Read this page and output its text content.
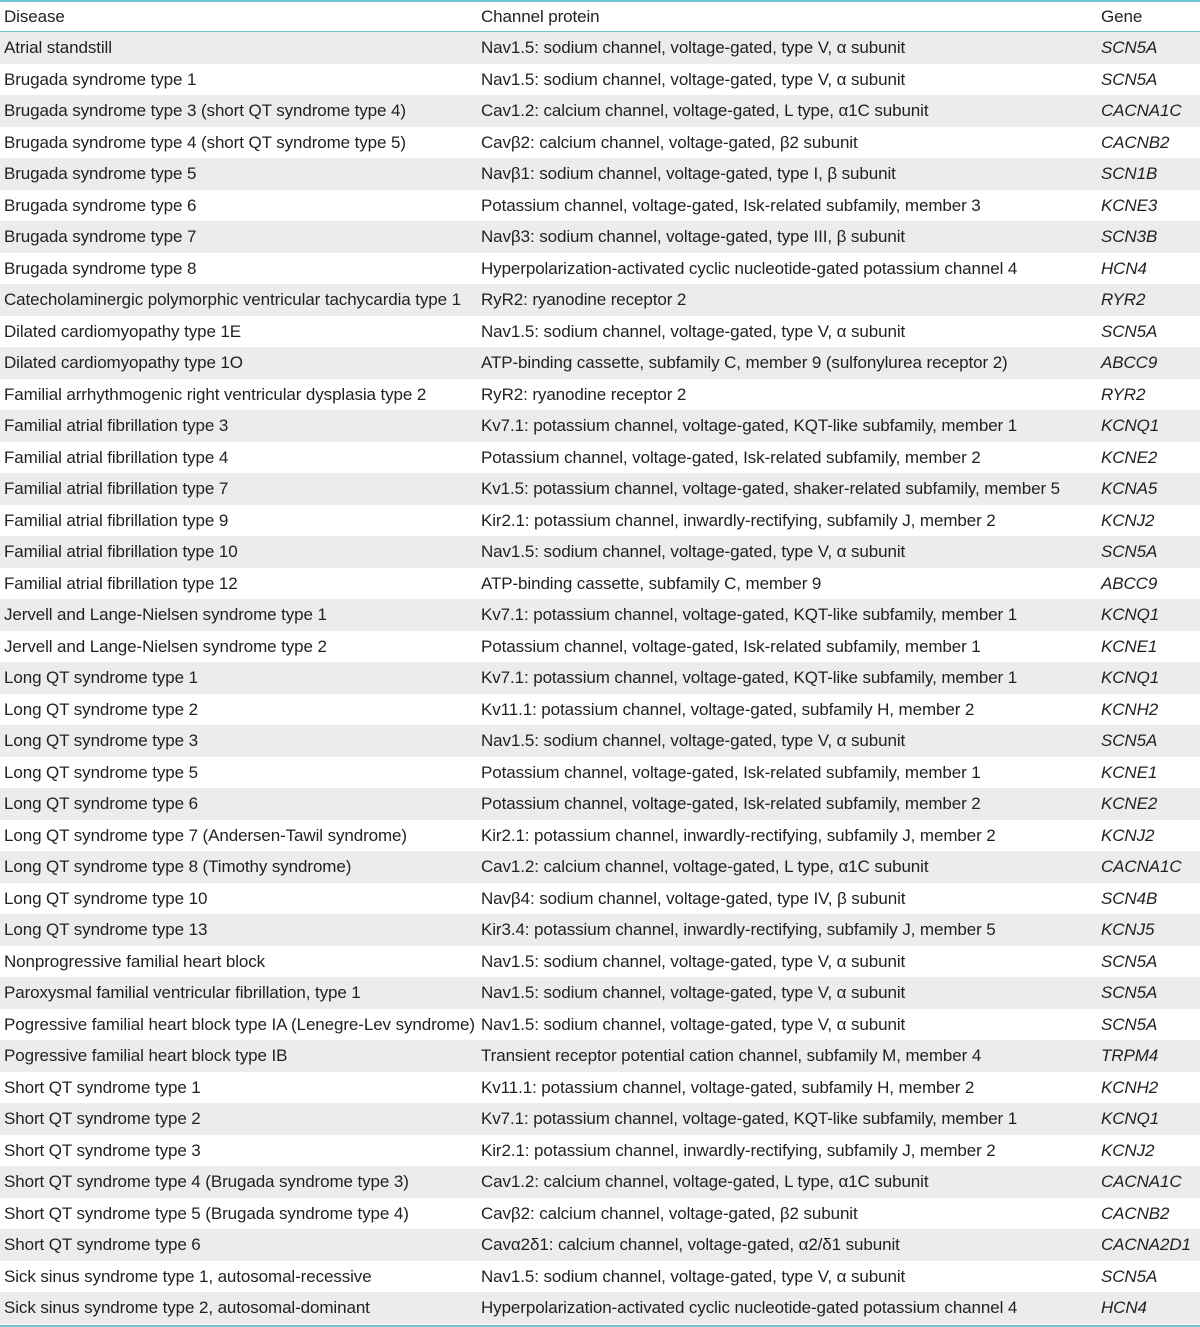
Disease	Channel protein	Gene
Atrial standstill	Nav1.5: sodium channel, voltage-gated, type V, α subunit	SCN5A
Brugada syndrome type 1	Nav1.5: sodium channel, voltage-gated, type V, α subunit	SCN5A
Brugada syndrome type 3 (short QT syndrome type 4)	Cav1.2: calcium channel, voltage-gated, L type, α1C subunit	CACNA1C
Brugada syndrome type 4 (short QT syndrome type 5)	Cavβ2: calcium channel, voltage-gated, β2 subunit	CACNB2
Brugada syndrome type 5	Navβ1: sodium channel, voltage-gated, type I, β subunit	SCN1B
Brugada syndrome type 6	Potassium channel, voltage-gated, Isk-related subfamily, member 3	KCNE3
Brugada syndrome type 7	Navβ3: sodium channel, voltage-gated, type III, β subunit	SCN3B
Brugada syndrome type 8	Hyperpolarization-activated cyclic nucleotide-gated potassium channel 4	HCN4
Catecholaminergic polymorphic ventricular tachycardia type 1	RyR2: ryanodine receptor 2	RYR2
Dilated cardiomyopathy type 1E	Nav1.5: sodium channel, voltage-gated, type V, α subunit	SCN5A
Dilated cardiomyopathy type 1O	ATP-binding cassette, subfamily C, member 9 (sulfonylurea receptor 2)	ABCC9
Familial arrhythmogenic right ventricular dysplasia type 2	RyR2: ryanodine receptor 2	RYR2
Familial atrial fibrillation type 3	Kv7.1: potassium channel, voltage-gated, KQT-like subfamily, member 1	KCNQ1
Familial atrial fibrillation type 4	Potassium channel, voltage-gated, Isk-related subfamily, member 2	KCNE2
Familial atrial fibrillation type 7	Kv1.5: potassium channel, voltage-gated, shaker-related subfamily, member 5	KCNA5
Familial atrial fibrillation type 9	Kir2.1: potassium channel, inwardly-rectifying, subfamily J, member 2	KCNJ2
Familial atrial fibrillation type 10	Nav1.5: sodium channel, voltage-gated, type V, α subunit	SCN5A
Familial atrial fibrillation type 12	ATP-binding cassette, subfamily C, member 9	ABCC9
Jervell and Lange-Nielsen syndrome type 1	Kv7.1: potassium channel, voltage-gated, KQT-like subfamily, member 1	KCNQ1
Jervell and Lange-Nielsen syndrome type 2	Potassium channel, voltage-gated, Isk-related subfamily, member 1	KCNE1
Long QT syndrome type 1	Kv7.1: potassium channel, voltage-gated, KQT-like subfamily, member 1	KCNQ1
Long QT syndrome type 2	Kv11.1: potassium channel, voltage-gated, subfamily H, member 2	KCNH2
Long QT syndrome type 3	Nav1.5: sodium channel, voltage-gated, type V, α subunit	SCN5A
Long QT syndrome type 5	Potassium channel, voltage-gated, Isk-related subfamily, member 1	KCNE1
Long QT syndrome type 6	Potassium channel, voltage-gated, Isk-related subfamily, member 2	KCNE2
Long QT syndrome type 7 (Andersen-Tawil syndrome)	Kir2.1: potassium channel, inwardly-rectifying, subfamily J, member 2	KCNJ2
Long QT syndrome type 8 (Timothy syndrome)	Cav1.2: calcium channel, voltage-gated, L type, α1C subunit	CACNA1C
Long QT syndrome type 10	Navβ4: sodium channel, voltage-gated, type IV, β subunit	SCN4B
Long QT syndrome type 13	Kir3.4: potassium channel, inwardly-rectifying, subfamily J, member 5	KCNJ5
Nonprogressive familial heart block	Nav1.5: sodium channel, voltage-gated, type V, α subunit	SCN5A
Paroxysmal familial ventricular fibrillation, type 1	Nav1.5: sodium channel, voltage-gated, type V, α subunit	SCN5A
Pogressive familial heart block type IA (Lenegre-Lev syndrome)	Nav1.5: sodium channel, voltage-gated, type V, α subunit	SCN5A
Pogressive familial heart block type IB	Transient receptor potential cation channel, subfamily M, member 4	TRPM4
Short QT syndrome type 1	Kv11.1: potassium channel, voltage-gated, subfamily H, member 2	KCNH2
Short QT syndrome type 2	Kv7.1: potassium channel, voltage-gated, KQT-like subfamily, member 1	KCNQ1
Short QT syndrome type 3	Kir2.1: potassium channel, inwardly-rectifying, subfamily J, member 2	KCNJ2
Short QT syndrome type 4 (Brugada syndrome type 3)	Cav1.2: calcium channel, voltage-gated, L type, α1C subunit	CACNA1C
Short QT syndrome type 5 (Brugada syndrome type 4)	Cavβ2: calcium channel, voltage-gated, β2 subunit	CACNB2
Short QT syndrome type 6	Cavα2δ1: calcium channel, voltage-gated, α2/δ1 subunit	CACNA2D1
Sick sinus syndrome type 1, autosomal-recessive	Nav1.5: sodium channel, voltage-gated, type V, α subunit	SCN5A
Sick sinus syndrome type 2, autosomal-dominant	Hyperpolarization-activated cyclic nucleotide-gated potassium channel 4	HCN4
